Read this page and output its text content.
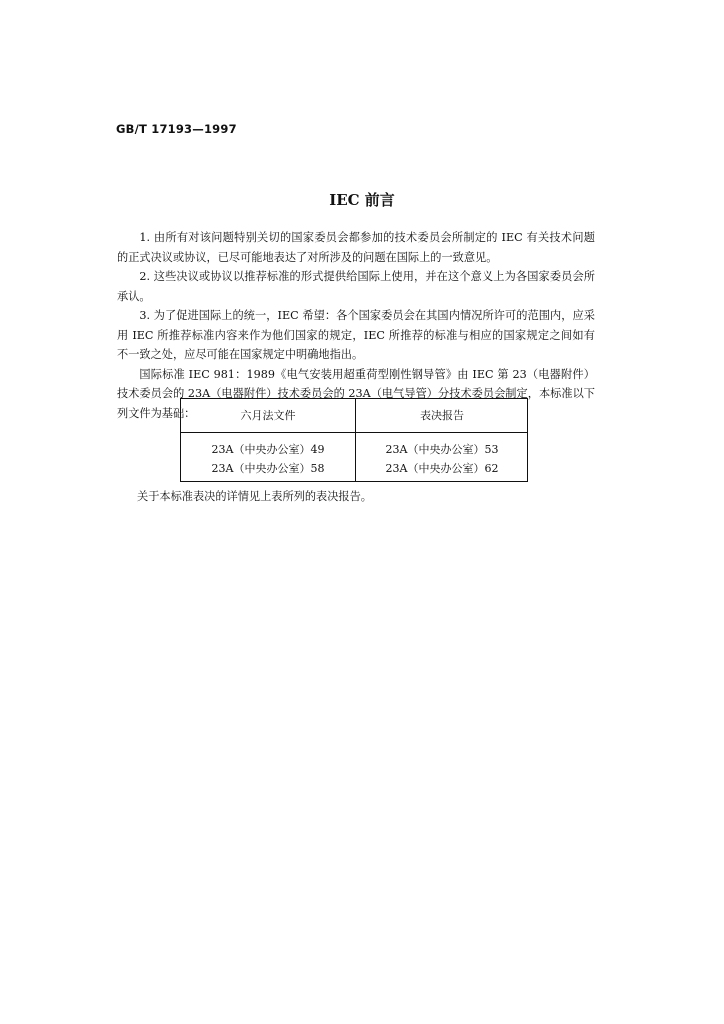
GB/T 17193—1997
IEC 前言

1. 由所有对该问题特别关切的国家委员会都参加的技术委员会所制定的 IEC 有关技术问题的正式决议或协议，已尽可能地表达了对所涉及的问题在国际上的一致意见。

2. 这些决议或协议以推荐标准的形式提供给国际上使用，并在这个意义上为各国家委员会所承认。

3. 为了促进国际上的统一，IEC 希望：各个国家委员会在其国内情况所许可的范围内，应采用 IEC 所推荐标准内容来作为他们国家的规定，IEC 所推荐的标准与相应的国家规定之间如有不一致之处，应尽可能在国家规定中明确地指出。

国际标准 IEC 981：1989《电气安装用超重荷型刚性钢导管》由 IEC 第 23（电器附件）技术委员会的 23A（电器附件）技术委员会的 23A（电气导管）分技术委员会制定，本标准以下列文件为基础：	六月法文件	表决报告
23A（中央办公室）49	23A（中央办公室）53
23A（中央办公室）58	23A（中央办公室）62
关于本标准表决的详情见上表所列的表决报告。
